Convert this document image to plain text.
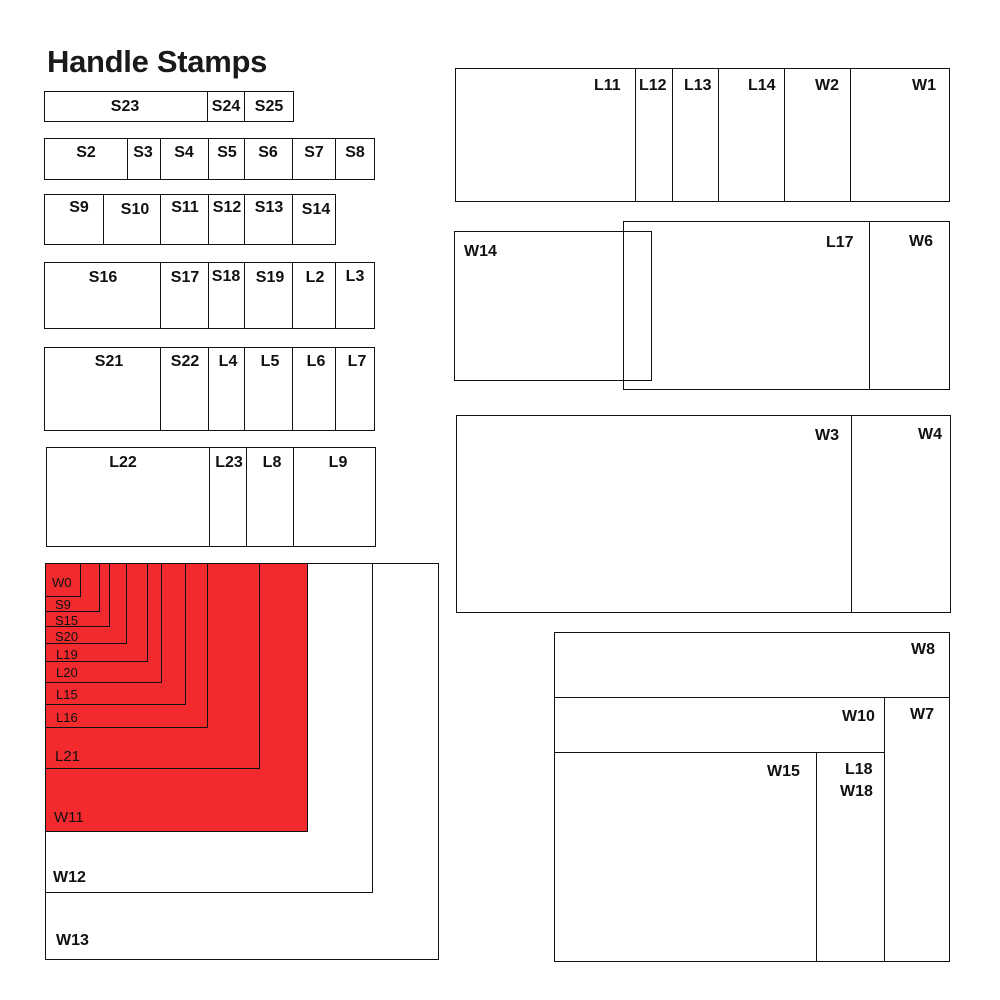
Handle Stamps
S23	S24 S25
S2 S3 S4 S5 S6 S7 S8
S9 S10 S11 S12 S13 S14
S16	S17 S18 S19 L2 L3
S21	S22 L4 L5 L6 L7
L22	L23 L8	L9
W0
S9
S15
S20
L19
L20
L15
L16
L21
W11
W12
W13
L11 L12 L13 L14 W2	W1
W14
L17	W6
W3	W4
W8
W10 W7
W15	L18
W18
